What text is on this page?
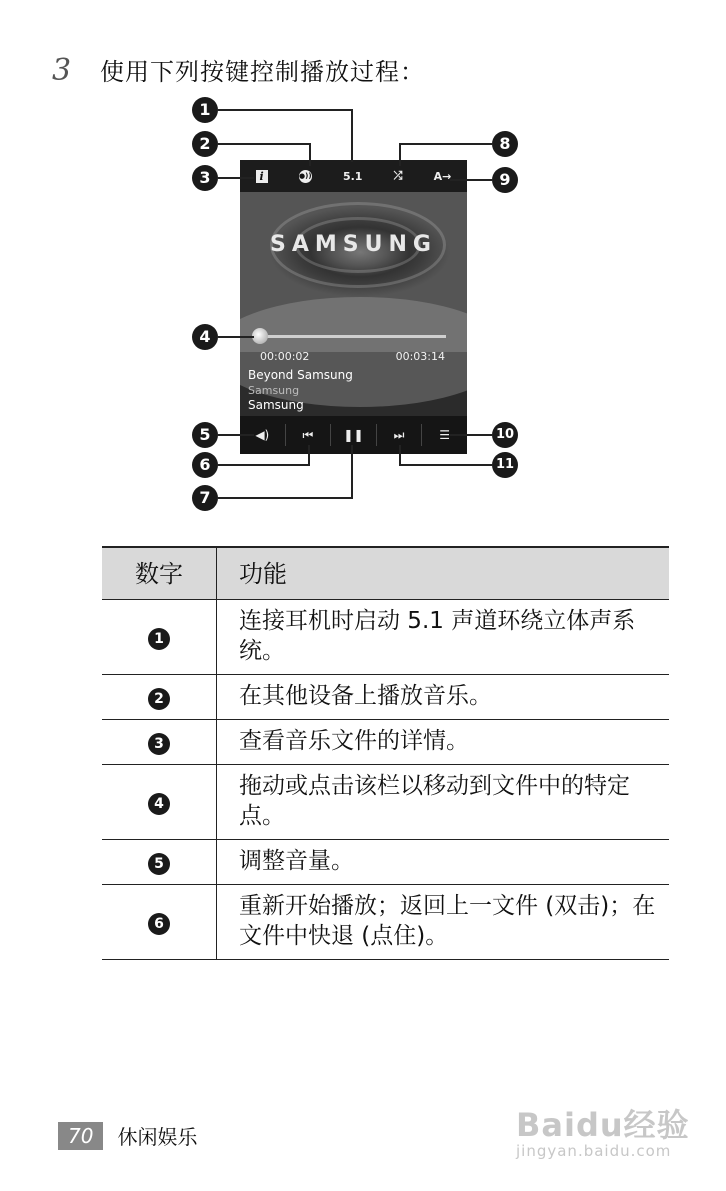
3	使用下列按键控制播放过程：
SAMSUNG
i	●))	5.1	⤮	A→
00:00:02	00:03:14
Beyond Samsung
Samsung
Samsung
◀)	⏮	❚❚	⏭	☰
1
2
3
4
5
6
7
8
9
10
11
数字	功能
1	连接耳机时启动 5.1 声道环绕立体声系统。
2	在其他设备上播放音乐。
3	查看音乐文件的详情。
4	拖动或点击该栏以移动到文件中的特定点。
5	调整音量。
6	重新开始播放；返回上一文件 (双击)；在文件中快退 (点住)。
70	休闲娱乐	Baidu经验
jingyan.baidu.com
